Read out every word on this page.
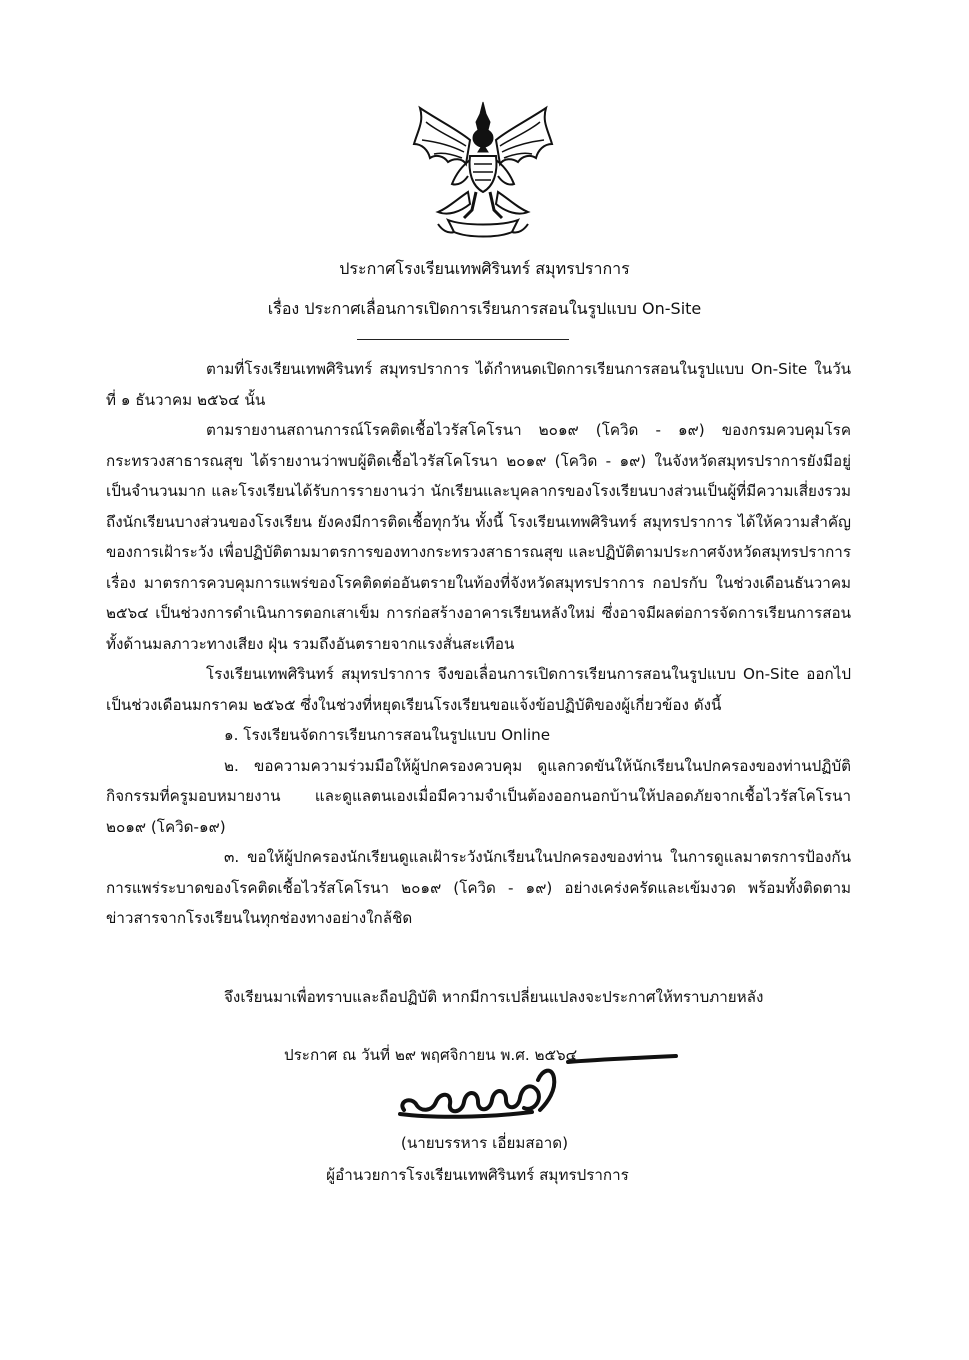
ประกาศโรงเรียนเทพศิรินทร์ สมุทรปราการ
เรื่อง ประกาศเลื่อนการเปิดการเรียนการสอนในรูปแบบ On-Site

ตามที่โรงเรียนเทพศิรินทร์ สมุทรปราการ ได้กำหนดเปิดการเรียนการสอนในรูปแบบ On-Site ในวันที่ ๑ ธันวาคม ๒๕๖๔ นั้น

ตามรายงานสถานการณ์โรคติดเชื้อไวรัสโคโรนา ๒๐๑๙ (โควิด - ๑๙) ของกรมควบคุมโรค กระทรวงสาธารณสุข ได้รายงานว่าพบผู้ติดเชื้อไวรัสโคโรนา ๒๐๑๙ (โควิด - ๑๙) ในจังหวัดสมุทรปราการยังมีอยู่เป็นจำนวนมาก และโรงเรียนได้รับการรายงานว่า นักเรียนและบุคลากรของโรงเรียนบางส่วนเป็นผู้ที่มีความเสี่ยงรวมถึงนักเรียนบางส่วนของโรงเรียน ยังคงมีการติดเชื้อทุกวัน ทั้งนี้ โรงเรียนเทพศิรินทร์ สมุทรปราการ ได้ให้ความสำคัญของการเฝ้าระวัง เพื่อปฏิบัติตามมาตรการของทางกระทรวงสาธารณสุข และปฏิบัติตามประกาศจังหวัดสมุทรปราการ เรื่อง มาตรการควบคุมการแพร่ของโรคติดต่ออันตรายในท้องที่จังหวัดสมุทรปราการ กอปรกับ ในช่วงเดือนธันวาคม ๒๕๖๔ เป็นช่วงการดำเนินการตอกเสาเข็ม การก่อสร้างอาคารเรียนหลังใหม่ ซึ่งอาจมีผลต่อการจัดการเรียนการสอนทั้งด้านมลภาวะทางเสียง ฝุ่น รวมถึงอันตรายจากแรงสั่นสะเทือน

โรงเรียนเทพศิรินทร์ สมุทรปราการ จึงขอเลื่อนการเปิดการเรียนการสอนในรูปแบบ On-Site ออกไปเป็นช่วงเดือนมกราคม ๒๕๖๕ ซึ่งในช่วงที่หยุดเรียนโรงเรียนขอแจ้งข้อปฏิบัติของผู้เกี่ยวข้อง ดังนี้

๑. โรงเรียนจัดการเรียนการสอนในรูปแบบ Online

๒. ขอความความร่วมมือให้ผู้ปกครองควบคุม ดูแลกวดขันให้นักเรียนในปกครองของท่านปฏิบัติกิจกรรมที่ครูมอบหมายงาน และดูแลตนเองเมื่อมีความจำเป็นต้องออกนอกบ้านให้ปลอดภัยจากเชื้อไวรัสโคโรนา ๒๐๑๙ (โควิด-๑๙)

๓. ขอให้ผู้ปกครองนักเรียนดูแลเฝ้าระวังนักเรียนในปกครองของท่าน ในการดูแลมาตรการป้องกันการแพร่ระบาดของโรคติดเชื้อไวรัสโคโรนา ๒๐๑๙ (โควิด - ๑๙) อย่างเคร่งครัดและเข้มงวด พร้อมทั้งติดตามข่าวสารจากโรงเรียนในทุกช่องทางอย่างใกล้ชิด

จึงเรียนมาเพื่อทราบและถือปฏิบัติ หากมีการเปลี่ยนแปลงจะประกาศให้ทราบภายหลัง
ประกาศ ณ วันที่ ๒๙ พฤศจิกายน พ.ศ. ๒๕๖๔
(นายบรรหาร เอี่ยมสอาด)
ผู้อำนวยการโรงเรียนเทพศิรินทร์ สมุทรปราการ
